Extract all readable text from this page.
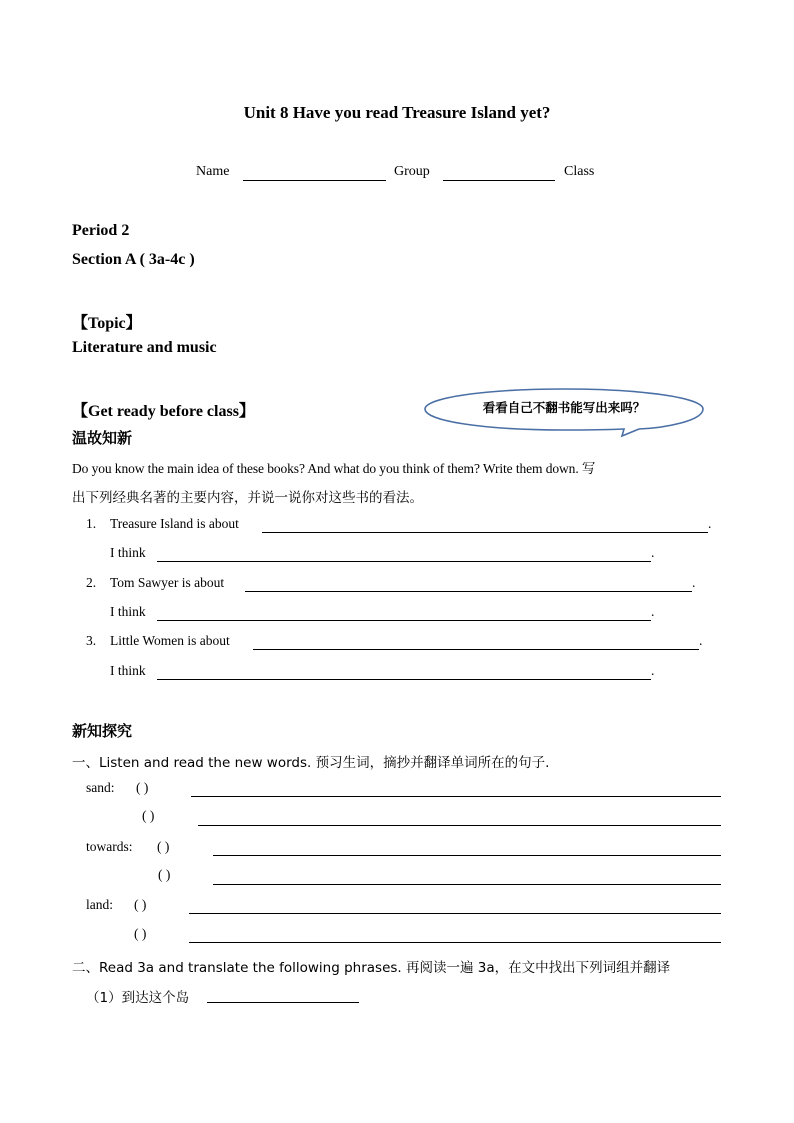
Unit 8 Have you read Treasure Island yet?
Name	Group	Class
Period 2
Section A ( 3a-4c )
【Topic】
Literature and music
【Get ready before class】	看看自己不翻书能写出来吗？
温故知新
Do you know the main idea of these books? And what do you think of them? Write them down. 写
出下列经典名著的主要内容，并说一说你对这些书的看法。
1. Treasure Island is about	.
I think	.
2. Tom Sawyer is about	.
I think	.
3. Little Women is about	.
I think	.
新知探究
一、Listen and read the new words. 预习生词，摘抄并翻译单词所在的句子.
sand: ( )
( )
towards: ( )
( )
land: ( )
( )
二、Read 3a and translate the following phrases. 再阅读一遍 3a，在文中找出下列词组并翻译
（1）到达这个岛
